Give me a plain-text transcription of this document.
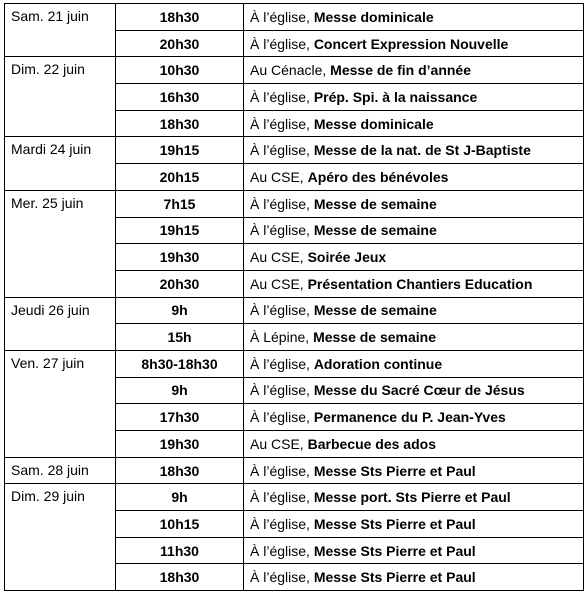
Sam. 21 juin	18h30	À l’église, Messe dominicale
	20h30	À l’église, Concert Expression Nouvelle
Dim. 22 juin	10h30	Au Cénacle, Messe de fin d’année
	16h30	À l’église, Prép. Spi. à la naissance
	18h30	À l’église, Messe dominicale
Mardi 24 juin	19h15	À l’église, Messe de la nat. de St J-Baptiste
	20h15	Au CSE, Apéro des bénévoles
Mer. 25 juin	7h15	À l’église, Messe de semaine
	19h15	À l’église, Messe de semaine
	19h30	Au CSE, Soirée Jeux
	20h30	Au CSE, Présentation Chantiers Education
Jeudi 26 juin	9h	À l’église, Messe de semaine
	15h	À Lépine, Messe de semaine
Ven. 27 juin	8h30-18h30	À l’église, Adoration continue
	9h	À l’église, Messe du Sacré Cœur de Jésus
	17h30	À l’église, Permanence du P. Jean-Yves
	19h30	Au CSE, Barbecue des ados
Sam. 28 juin	18h30	À l’église, Messe Sts Pierre et Paul
Dim. 29 juin	9h	À l’église, Messe port. Sts Pierre et Paul
	10h15	À l’église, Messe Sts Pierre et Paul
	11h30	À l’église, Messe Sts Pierre et Paul
	18h30	À l’église, Messe Sts Pierre et Paul
